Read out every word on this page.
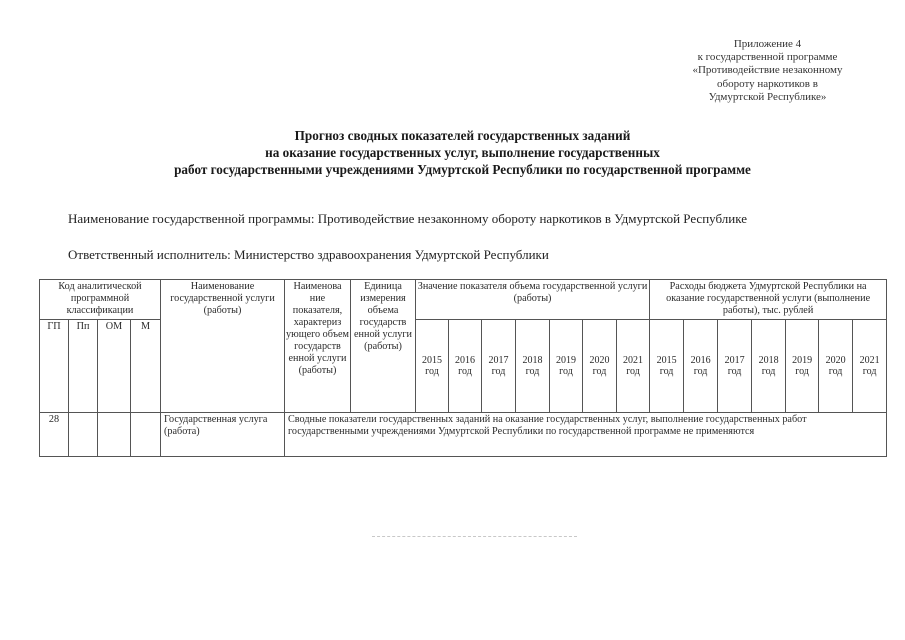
Приложение 4
к государственной программе
«Противодействие незаконному
обороту наркотиков в
Удмуртской Республике»
Прогноз сводных показателей государственных заданий
на оказание государственных услуг, выполнение государственных
работ государственными учреждениями Удмуртской Республики по государственной программе
Наименование государственной программы: Противодействие незаконному обороту наркотиков в Удмуртской Республике
Ответственный исполнитель: Министерство здравоохранения Удмуртской Республики
Код аналитической программной классификации				Наименование государственной услуги (работы)	Наименова ние показателя, характериз ующего объем государств енной услуги (работы)	Единица измерения объема государств енной услуги (работы)	Значение показателя объема государственной услуги (работы)							Расходы бюджета Удмуртской Республики на оказание государственной услуги (выполнение работы), тыс. рублей						
ГП	Пп	ОМ	М				2015 год	2016 год	2017 год	2018 год	2019 год	2020 год	2021 год	2015 год	2016 год	2017 год	2018 год	2019 год	2020 год	2021 год

28				Государственная услуга (работа)	Сводные показатели государственных заданий на оказание государственных услуг, выполнение государственных работ государственными учреждениями Удмуртской Республики по государственной программе не применяются															
